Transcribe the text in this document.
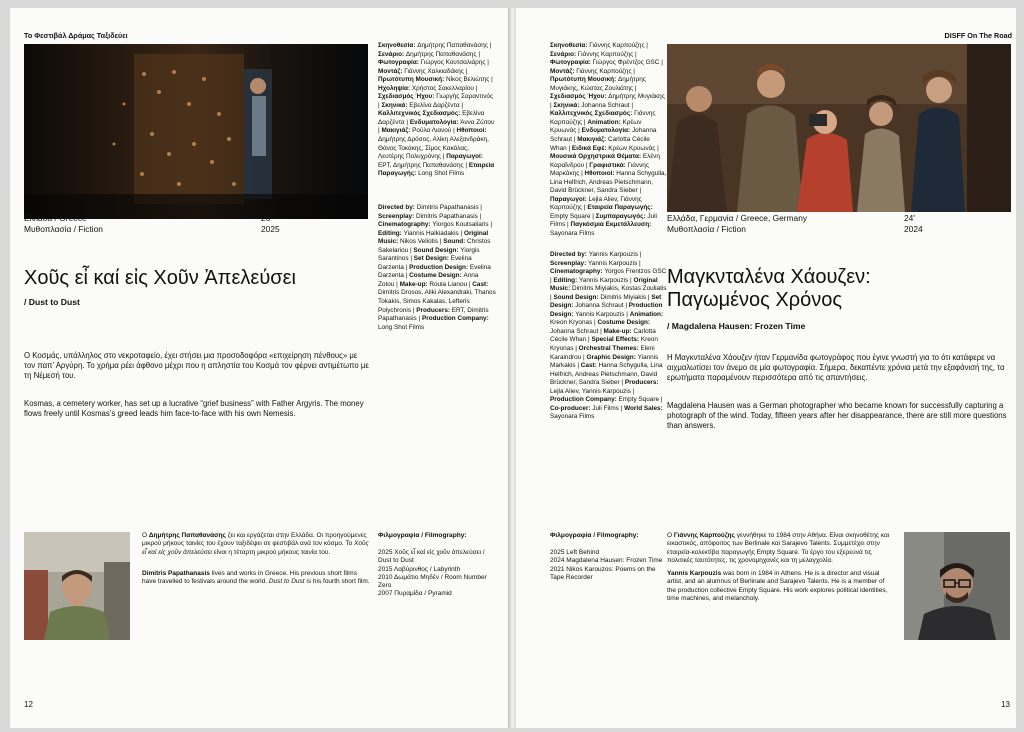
Το Φεστιβάλ Δράμας Ταξιδεύει
Ελλάδα / Greece
Μυθοπλασία / Fiction
26'
2025
Χοῦς εἶ καί εἰς Χοῦν Ἀπελεύσει
/ Dust to Dust

Ο Κοσμάς, υπάλληλος στο νεκροταφείο, έχει στήσει μια προσοδοφόρα «επιχείρηση πένθους» με τον παπ’ Αργύρη. Το χρήμα ρέει άφθονο μέχρι που η απληστία του Κοσμά τον φέρνει αντιμέτωπο με τη Νέμεσή του.

Kosmas, a cemetery worker, has set up a lucrative “grief business” with Father Argyris. The money flows freely until Kosmas’s greed leads him face-to-face with his own Nemesis.

Σκηνοθεσία: Δημήτρης Παπαθανάσης | Σενάριο: Δημήτρης Παπαθανάσης | Φωτογραφία: Γιώργος Κουτσαλιάρης | Μοντάζ: Γιάννης Χαλκιαδάκης | Πρωτότυπη Μουσική: Νίκος Βελιώτης | Ηχοληψία: Χρήστος Σακελλαρίου | Σχεδιασμός Ήχου: Γιωργής Σαραντινός | Σκηνικά: Εβελίνα Δαρζέντα | Καλλιτεχνικός Σχεδιασμός: Εβελίνα Δαρζέντα | Ενδυματολογία: Άννα Ζώτου | Μακιγιάζ: Ρούλα Λιανού | Ηθοποιοί: Δημήτρης Δρόσος, Αλίκη Αλεξανδράκη, Θάνος Τοκάκης, Σίμος Κακάλας, Λευτέρης Πολυχρόνης | Παραγωγοί: ΕΡΤ, Δημήτρης Παπαθανάσης | Εταιρεία Παραγωγής: Long Shot Films

Directed by: Dimitris Papathanasis | Screenplay: Dimitris Papathanasis | Cinematography: Yiorgos Koutsaliaris | Editing: Yiannis Halkiadakis | Original Music: Nikos Veliotis | Sound: Christos Sakelariou | Sound Design: Yiorgis Sarantinos | Set Design: Evelina Darzenta | Production Design: Evelina Darzenta | Costume Design: Anna Zotou | Make-up: Roula Lianou | Cast: Dimitris Drosos, Aliki Alexandraki, Thanos Tokakis, Simos Kakalas, Lefteris Polychronis | Producers: ERT, Dimitris Papathanasis | Production Company: Long Shot Films

Ο Δημήτρης Παπαθανάσης ζει και εργάζεται στην Ελλάδα. Οι προηγούμενες μικρού μήκους ταινίες του έχουν ταξιδέψει σε φεστιβάλ ανά τον κόσμο. Το Χοῦς εἶ καί εἰς χοῦν ἀπελεύσει είναι η τέταρτη μικρού μήκους ταινία του.

Dimitris Papathanasis lives and works in Greece. His previous short films have travelled to festivals around the world. Dust to Dust is his fourth short film.

Φιλμογραφία / Filmography:

2025 Χοῦς εἶ καί εἰς χοῦν ἀπελεύσει / Dust to Dust
2015 Λαβύρινθος / Labyrinth
2010 Δωμάτιο Μηδέν / Room Number Zero
2007 Πυραμίδα / Pyramid

12
DISFF On The Road

Σκηνοθεσία: Γιάννης Καρπούζης | Σενάριο: Γιάννης Καρπούζης | Φωτογραφία: Γιώργος Φρέντζος GSC | Μοντάζ: Γιάννης Καρπούζης | Πρωτότυπη Μουσική: Δημήτρης Μυγιάκης, Κώστας Ζουλιάτης | Σχεδιασμός Ήχου: Δημήτρης Μυγιάκης | Σκηνικά: Johanna Schraut | Καλλιτεχνικός Σχεδιασμός: Γιάννης Καρπούζης | Animation: Κρέων Κρυωνάς | Ενδυματολογία: Johanna Schraut | Μακιγιάζ: Carlotta Cécile Whan | Ειδικά Εφέ: Κρέων Κρυωνάς | Μουσικά Ορχηστρικά Θέματα: Ελένη Καραΐνδρου | Γραφιστικά: Γιάννης Μαρκάκης | Ηθοποιοί: Hanna Schygulla, Lina Helfrich, Andreas Pietschmann, David Brückner, Sandra Sieber | Παραγωγοί: Lejla Aliev, Γιάννης Καρπούζης | Εταιρεία Παραγωγής: Empty Square | Συμπαραγωγός: Juli Films | Παγκόσμια Εκμετάλλευση: Sayonara Films

Directed by: Yannis Karpouzis | Screenplay: Yannis Karpouzis | Cinematography: Yorgos Frentzos GSC | Editing: Yannis Karpouzis | Original Music: Dimitris Miyiakis, Kostas Zouliatis | Sound Design: Dimitris Miyiakis | Set Design: Johanna Schraut | Production Design: Yannis Karpouzis | Animation: Kreon Kryonas | Costume Design: Johanna Schraut | Make-up: Carlotta Cécile Whan | Special Effects: Kreon Kryonas | Orchestral Themes: Eleni Karaindrou | Graphic Design: Yiannis Markakis | Cast: Hanna Schygulla, Lina Helfrich, Andreas Pietschmann, David Brückner, Sandra Sieber | Producers: Lejla Aliev, Yannis Karpouzis | Production Company: Empty Square | Co-producer: Juli Films | World Sales: Sayonara Films

Ελλάδα, Γερμανία / Greece, Germany
Μυθοπλασία / Fiction
24'
2024
Μαγκνταλένα Χάουζεν:
Παγωμένος Χρόνος
/ Magdalena Hausen: Frozen Time

Η Μαγκνταλένα Χάουζεν ήταν Γερμανίδα φωτογράφος που έγινε γνωστή για το ότι κατάφερε να αιχμαλωτίσει τον άνεμο σε μία φωτογραφία. Σήμερα, δεκαπέντε χρόνια μετά την εξαφάνισή της, τα ερωτήματα παραμένουν περισσότερα από τις απαντήσεις.

Magdalena Hausen was a German photographer who became known for successfully capturing a photograph of the wind. Today, fifteen years after her disappearance, there are still more questions than answers.

Φιλμογραφία / Filmography:

2025 Left Behind
2024 Magdalena Hausen: Frozen Time
2021 Nikos Karouzos: Poems on the Tape Recorder

Ο Γιάννης Καρπούζης γεννήθηκε το 1984 στην Αθήνα. Είναι σκηνοθέτης και εικαστικός, απόφοιτος των Berlinale και Sarajevo Talents. Συμμετέχει στην εταιρεία-κολεκτίβα παραγωγής Empty Square. Το έργο του εξερευνά τις πολιτικές ταυτότητες, τις χρονομηχανές και τη μελαγχολία.

Yannis Karpouzis was born in 1984 in Athens. He is a director and visual artist, and an alumnus of Berlinale and Sarajevo Talents. He is a member of the production collective Empty Square. His work explores political identities, time machines, and melancholy.

13
